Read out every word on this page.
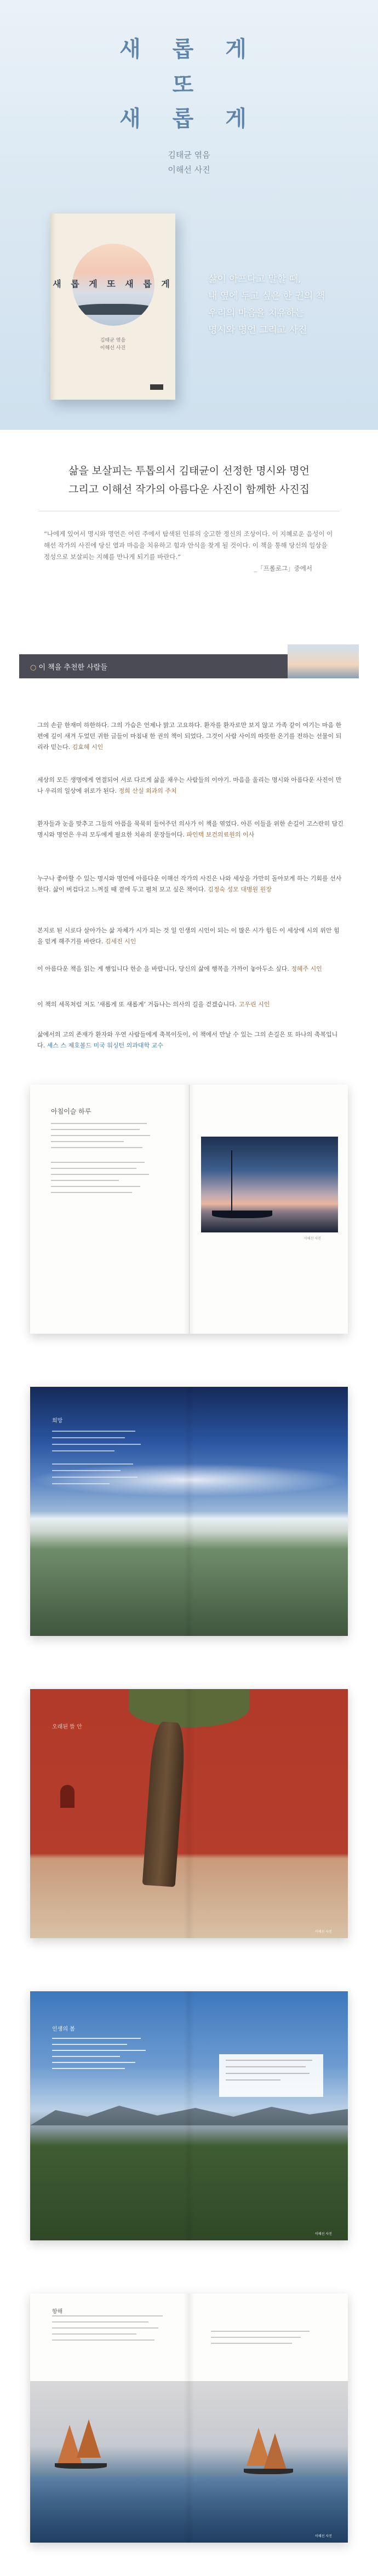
새 롭 게
또
새 롭 게
김태균 엮음
이해선 사진
새 롭 게 또 새 롭 게
김태균 엮음
이해선 사진
삶이 아프다고 말할 때,
내 옆에 두고 싶은 한 권의 책
우리의 마음을 치유하는
명시와 명언 그리고 사진
삶을 보살피는 투톱의서 김태균이 선정한 명시와 명언
그리고 이해선 작가의 아름다운 사진이 함께한 사진집
“나에게 있어서 명시와 명언은 어린 주에서 탐색된 인류의 숭고한 정신의 조상이다. 이 지혜로운 음성이 이해선 작가의 사진에 당신 열과 마음을 치유하고 힘과 안식을 찾게 될 것이다. 이 책을 통해 당신의 일상을 정성으로 보살피는 지혜를 만나게 되기를 바란다.”
_「프롤로그」중에서
○ 이 책을 추천한 사람들

그의 손끝 한재미 하한하다. 그의 가슴은 언제나 맑고 고요하다. 환자를 환자로만 보지 않고 가족 같이 여기는 마음 한편에 깊이 새겨 두었던 귀한 글들이 마침내 한 권의 책이 되었다. 그것이 사람 사이의 따뜻한 온기를 전하는 선물이 되리라 믿는다. 김효혜 시인

세상의 모든 생명에게 연결되어 서로 다르게 삶을 채우는 사람들의 이야기. 마음을 울리는 명시와 아름다운 사진이 만나 우리의 일상에 위로가 된다. 정희 산실 외과의 주치

환자들과 눈을 맞추고 그들의 아픔을 묵묵히 들어주던 의사가 이 책을 엮었다. 아픈 이들을 위한 손길이 고스란히 담긴 명시와 명언은 우리 모두에게 필요한 치유의 문장들이다. 파인텍 보건의료원의 이사

누구나 좋아할 수 있는 명시와 명언에 아름다운 이해선 작가의 사진은 나와 세상을 가만히 돌아보게 하는 기회를 선사한다. 삶이 버겁다고 느껴질 때 곁에 두고 펼쳐 보고 싶은 책이다. 김정숙 성모 대병원 원장

본지로 된 시로다 살아가는 삶 자체가 시가 되는 것 일 인생의 시인이 되는 이 많은 시가 힘든 이 세상에 시의 위안 힘을 믿게 해주기를 바란다. 김세진 시인

이 아름다운 책을 읽는 게 행입니다 한순 을 바랍니다, 당신의 삶에 행복을 가까이 놓아두소 싶다. 정혜주 시인

이 책의 세목처럼 저도 ‘새롭게 또 새롭게’ 거듭나는 의사의 길을 걷겠습니다. 고우린 시인

삶에서의 고의 존재가 환자와 우연 사람들에게 축복이듯이, 이 책에서 만날 수 있는 그의 손길은 또 하나의 축복입니다. 세스 스 제호볼드 미국 워싱턴 의과대학 교수

아침이슬 하루
이해선 사진
희망
오래된 뜰 안
이해선 사진
인생의 봄
이해선 사진
항해
이해선 사진
